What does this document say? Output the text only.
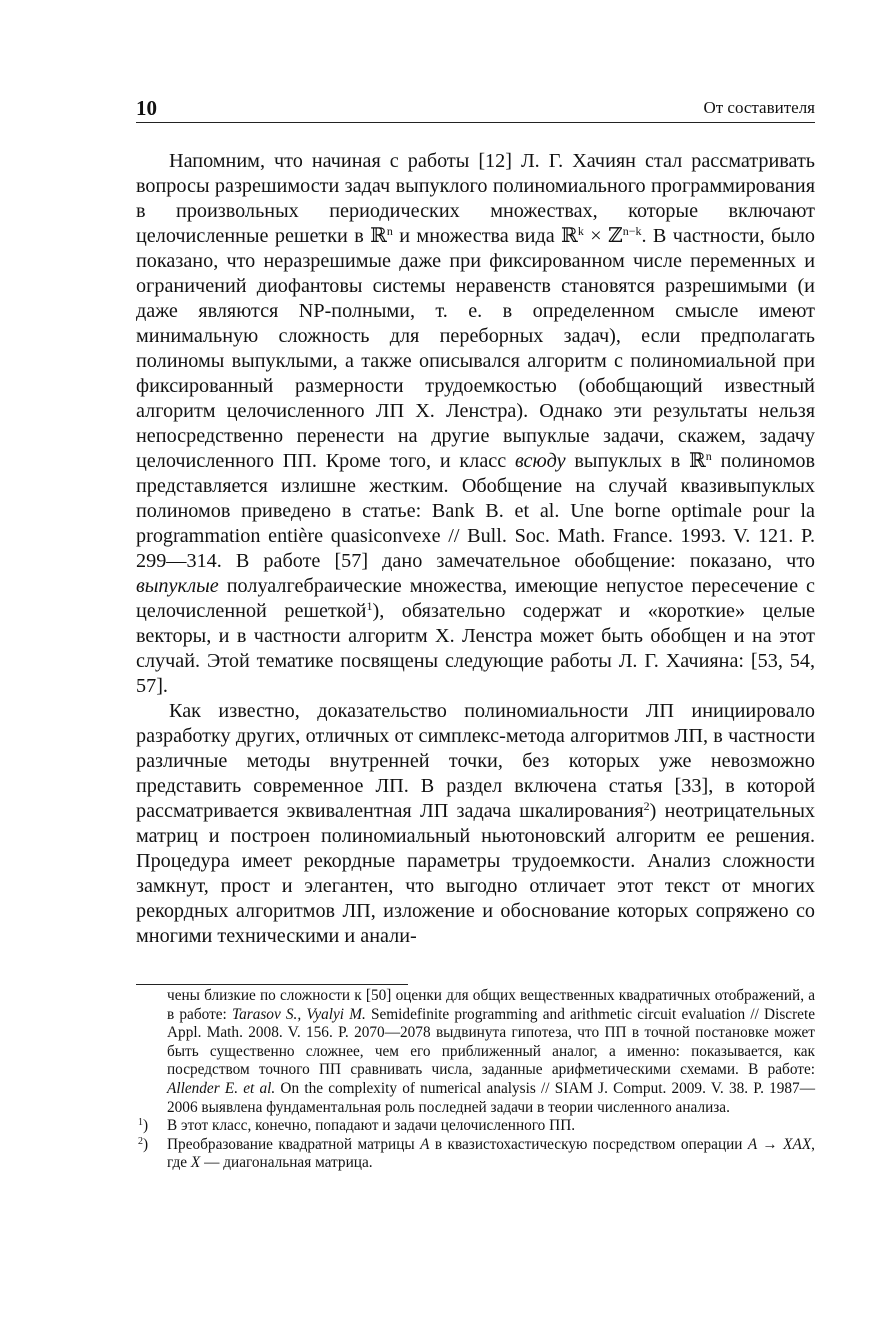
10	От составителя

Напомним, что начиная с работы [12] Л. Г. Хачиян стал рассматривать вопросы разрешимости задач выпуклого полиномиального программирования в произвольных периодических множествах, которые включают целочисленные решетки в ℝ$^n$ и множества вида ℝ$^k$ × ℤ$^{n-k}$. В частности, было показано, что неразрешимые даже при фиксированном числе переменных и ограничений диофантовы системы неравенств становятся разрешимыми (и даже являются NP-полными, т. е. в определенном смысле имеют минимальную сложность для переборных задач), если предполагать полиномы выпуклыми, а также описывался алгоритм с полиномиальной при фиксированный размерности трудоемкостью (обобщающий известный алгоритм целочисленного ЛП Х. Ленстра). Однако эти результаты нельзя непосредственно перенести на другие выпуклые задачи, скажем, задачу целочисленного ПП. Кроме того, и класс всюду выпуклых в ℝ$^n$ полиномов представляется излишне жестким. Обобщение на случай квазивыпуклых полиномов приведено в статье: Bank B. et al. Une borne optimale pour la programmation entière quasiconvexe // Bull. Soc. Math. France. 1993. V. 121. P. 299—314. В работе [57] дано замечательное обобщение: показано, что выпуклые полуалгебраические множества, имеющие непустое пересечение с целочисленной решеткой$^1$), обязательно содержат и «короткие» целые векторы, и в частности алгоритм Х. Ленстра может быть обобщен и на этот случай. Этой тематике посвящены следующие работы Л. Г. Хачияна: [53, 54, 57].

Как известно, доказательство полиномиальности ЛП инициировало разработку других, отличных от симплекс-метода алгоритмов ЛП, в частности различные методы внутренней точки, без которых уже невозможно представить современное ЛП. В раздел включена статья [33], в которой рассматривается эквивалентная ЛП задача шкалирования$^2$) неотрицательных матриц и построен полиномиальный ньютоновский алгоритм ее решения. Процедура имеет рекордные параметры трудоемкости. Анализ сложности замкнут, прост и элегантен, что выгодно отличает этот текст от многих рекордных алгоритмов ЛП, изложение и обоснование которых сопряжено со многими техническими и анали-

чены близкие по сложности к [50] оценки для общих вещественных квадратичных отображений, а в работе: Tarasov S., Vyalyi M. Semidefinite programming and arithmetic circuit evaluation // Discrete Appl. Math. 2008. V. 156. P. 2070—2078 выдвинута гипотеза, что ПП в точной постановке может быть существенно сложнее, чем его приближенный аналог, а именно: показывается, как посредством точного ПП сравнивать числа, заданные арифметическими схемами. В работе: Allender E. et al. On the complexity of numerical analysis // SIAM J. Comput. 2009. V. 38. P. 1987—2006 выявлена фундаментальная роль последней задачи в теории численного анализа.

$^1$) В этот класс, конечно, попадают и задачи целочисленного ПП.

$^2$) Преобразование квадратной матрицы A в квазистохастическую посредством операции A → XAX, где X — диагональная матрица.
